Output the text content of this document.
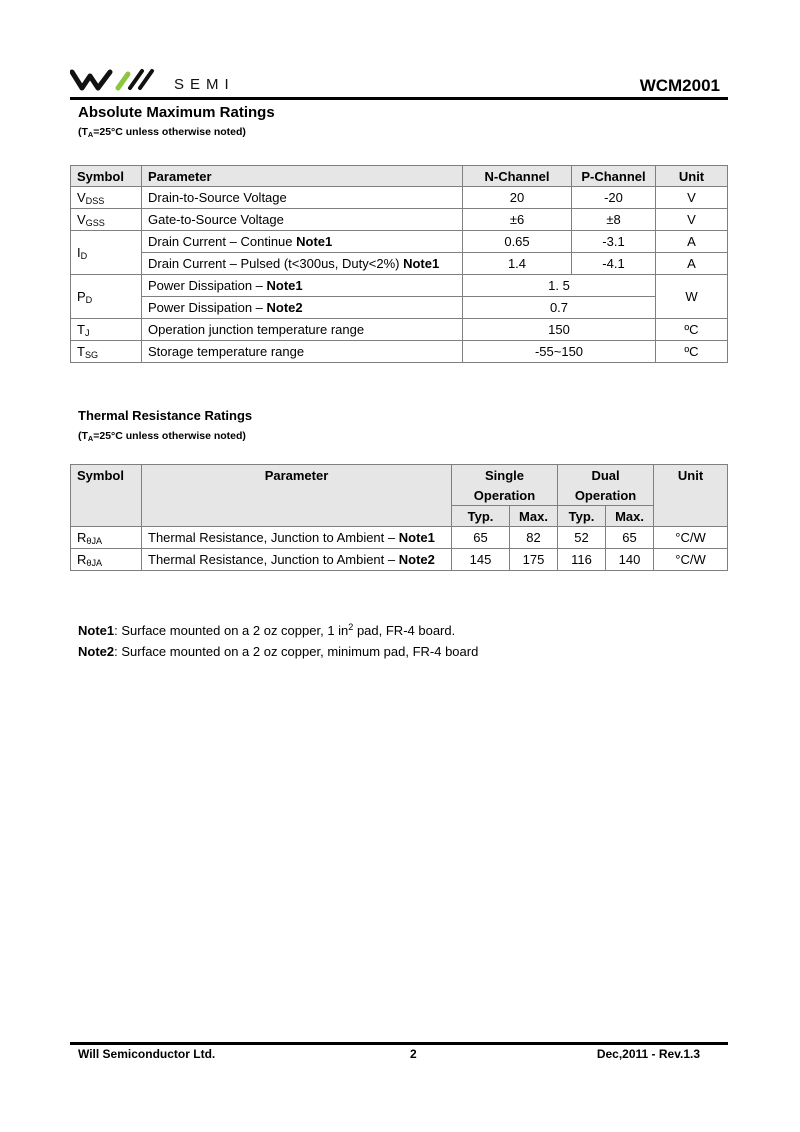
SEMI	WCM2001
Absolute Maximum Ratings
($T_A=25^\circ C$ unless otherwise noted)
Symbol	Parameter	N-Channel	P-Channel	Unit
$V_{DSS}$	Drain-to-Source Voltage	20	-20	V
$V_{GSS}$	Gate-to-Source Voltage	±6	±8	V
$I_D$	Drain Current – Continue Note1	0.65	-3.1	A
	Drain Current – Pulsed (t<300us, Duty<2%) Note1	1.4	-4.1	A
$P_D$	Power Dissipation – Note1	1. 5		W
	Power Dissipation – Note2	0.7		
$T_J$	Operation junction temperature range	150		ºC
$T_{SG}$	Storage temperature range	-55~150		ºC
Thermal Resistance Ratings
($T_A=25^\circ C$ unless otherwise noted)
Symbol	Parameter	Single		Dual		Unit
		Operation		Operation		
		Typ.	Max.	Typ.	Max.	
$R_{\theta JA}$	Thermal Resistance, Junction to Ambient – Note1	65	82	52	65	°C/W
$R_{\theta JA}$	Thermal Resistance, Junction to Ambient – Note2	145	175	116	140	°C/W
Note1: Surface mounted on a 2 oz copper, 1 $in^2$ pad, FR-4 board.
Note2: Surface mounted on a 2 oz copper, minimum pad, FR-4 board
Will Semiconductor Ltd.	2	Dec,2011 - Rev.1.3
